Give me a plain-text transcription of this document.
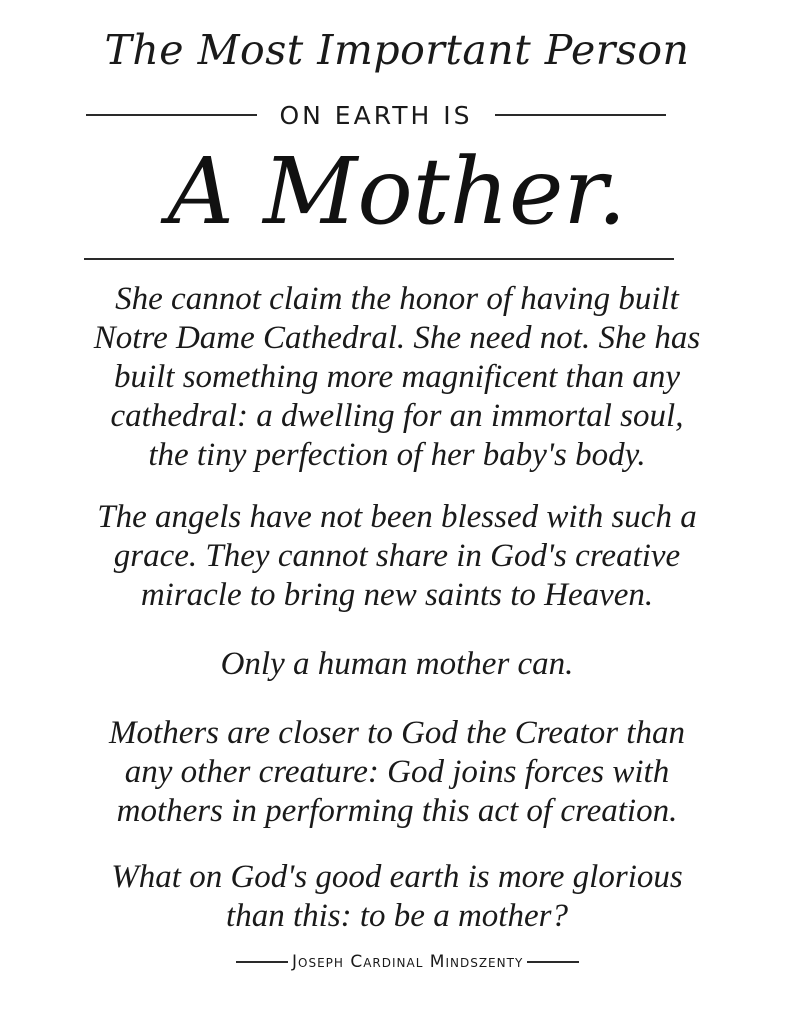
The Most Important Person
ON EARTH IS
A Mother.
She cannot claim the honor of having built
Notre Dame Cathedral. She need not. She has
built something more magnificent than any
cathedral: a dwelling for an immortal soul,
the tiny perfection of her baby's body.
The angels have not been blessed with such a
grace. They cannot share in God's creative
miracle to bring new saints to Heaven.
Only a human mother can.
Mothers are closer to God the Creator than
any other creature: God joins forces with
mothers in performing this act of creation.
What on God's good earth is more glorious
than this: to be a mother?
Joseph Cardinal Mindszenty
